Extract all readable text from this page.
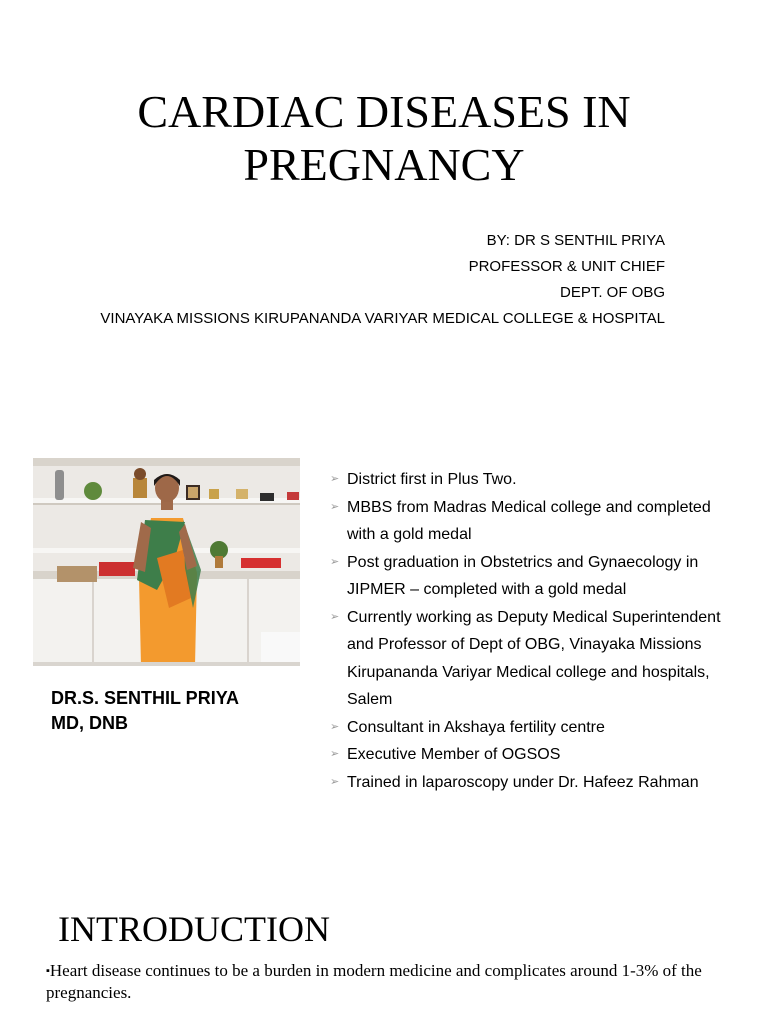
CARDIAC DISEASES IN
PREGNANCY
BY: DR S SENTHIL PRIYA
PROFESSOR & UNIT CHIEF
DEPT. OF OBG
VINAYAKA MISSIONS KIRUPANANDA VARIYAR MEDICAL COLLEGE & HOSPITAL
DR.S. SENTHIL PRIYA
MD, DNB
➢ District first in Plus Two.
➢ MBBS from Madras Medical college and completed with a gold medal
➢ Post graduation in Obstetrics and Gynaecology in JIPMER – completed with a gold medal
➢ Currently working as Deputy Medical Superintendent and Professor of Dept of OBG, Vinayaka Missions Kirupananda Variyar Medical college and hospitals, Salem
➢ Consultant in Akshaya fertility centre
➢ Executive Member of OGSOS
➢ Trained in laparoscopy under Dr. Hafeez Rahman
INTRODUCTION
▪Heart disease continues to be a burden in modern medicine and complicates around 1-3% of the pregnancies.
